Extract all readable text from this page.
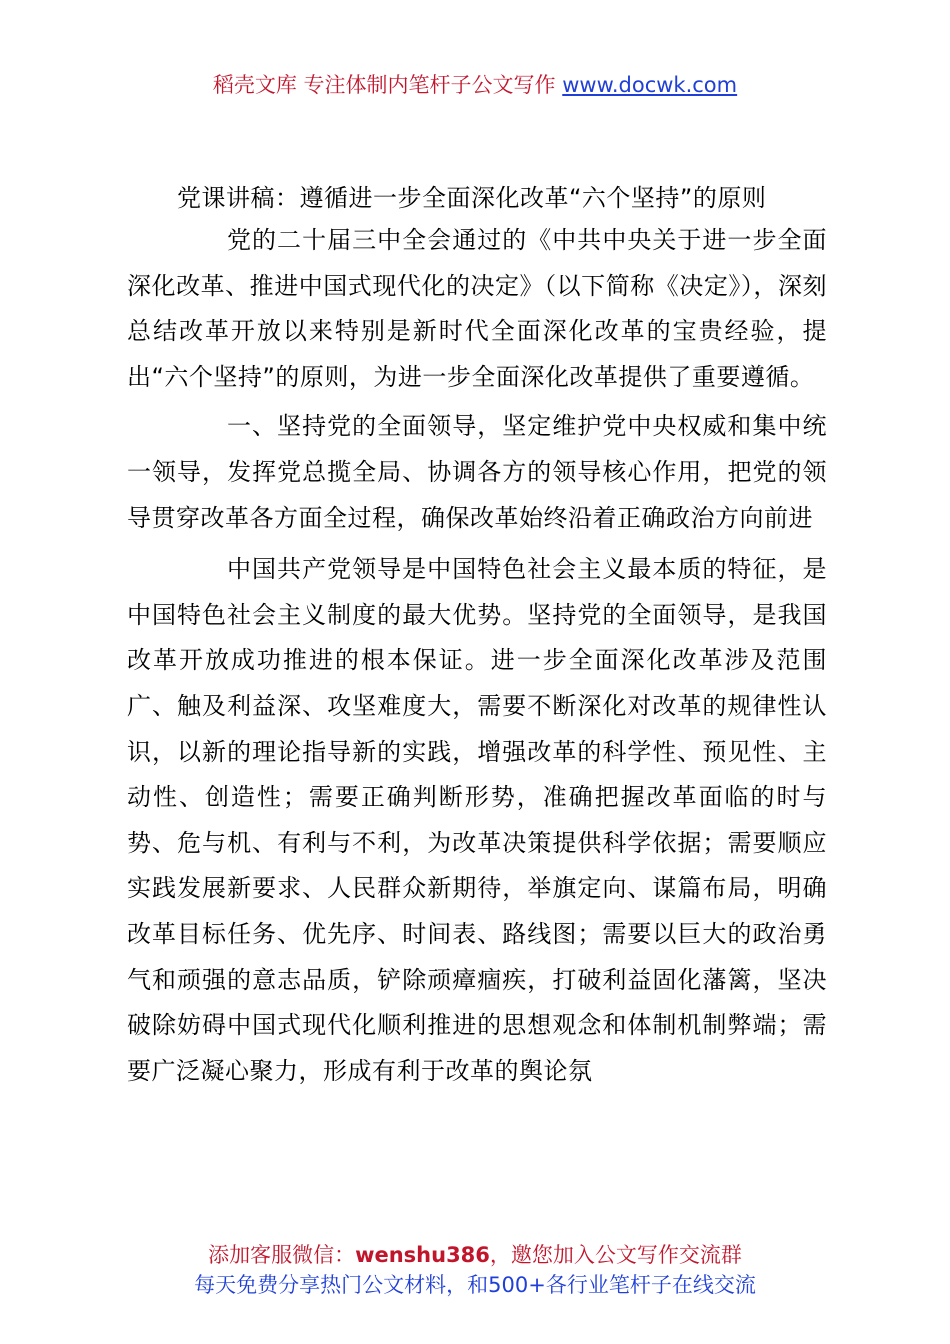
稻壳文库 专注体制内笔杆子公文写作 www.docwk.com
党课讲稿：遵循进一步全面深化改革“六个坚持”的原则

党的二十届三中全会通过的《中共中央关于进一步全面深化改革、推进中国式现代化的决定》（以下简称《决定》），深刻总结改革开放以来特别是新时代全面深化改革的宝贵经验，提出“六个坚持”的原则，为进一步全面深化改革提供了重要遵循。

一、坚持党的全面领导，坚定维护党中央权威和集中统一领导，发挥党总揽全局、协调各方的领导核心作用，把党的领导贯穿改革各方面全过程，确保改革始终沿着正确政治方向前进

中国共产党领导是中国特色社会主义最本质的特征，是中国特色社会主义制度的最大优势。坚持党的全面领导，是我国改革开放成功推进的根本保证。进一步全面深化改革涉及范围广、触及利益深、攻坚难度大，需要不断深化对改革的规律性认识，以新的理论指导新的实践，增强改革的科学性、预见性、主动性、创造性；需要正确判断形势，准确把握改革面临的时与势、危与机、有利与不利，为改革决策提供科学依据；需要顺应实践发展新要求、人民群众新期待，举旗定向、谋篇布局，明确改革目标任务、优先序、时间表、路线图；需要以巨大的政治勇气和顽强的意志品质，铲除顽瘴痼疾，打破利益固化藩篱，坚决破除妨碍中国式现代化顺利推进的思想观念和体制机制弊端；需要广泛凝心聚力，形成有利于改革的舆论氛

添加客服微信：wenshu386，邀您加入公文写作交流群
每天免费分享热门公文材料，和500+各行业笔杆子在线交流
